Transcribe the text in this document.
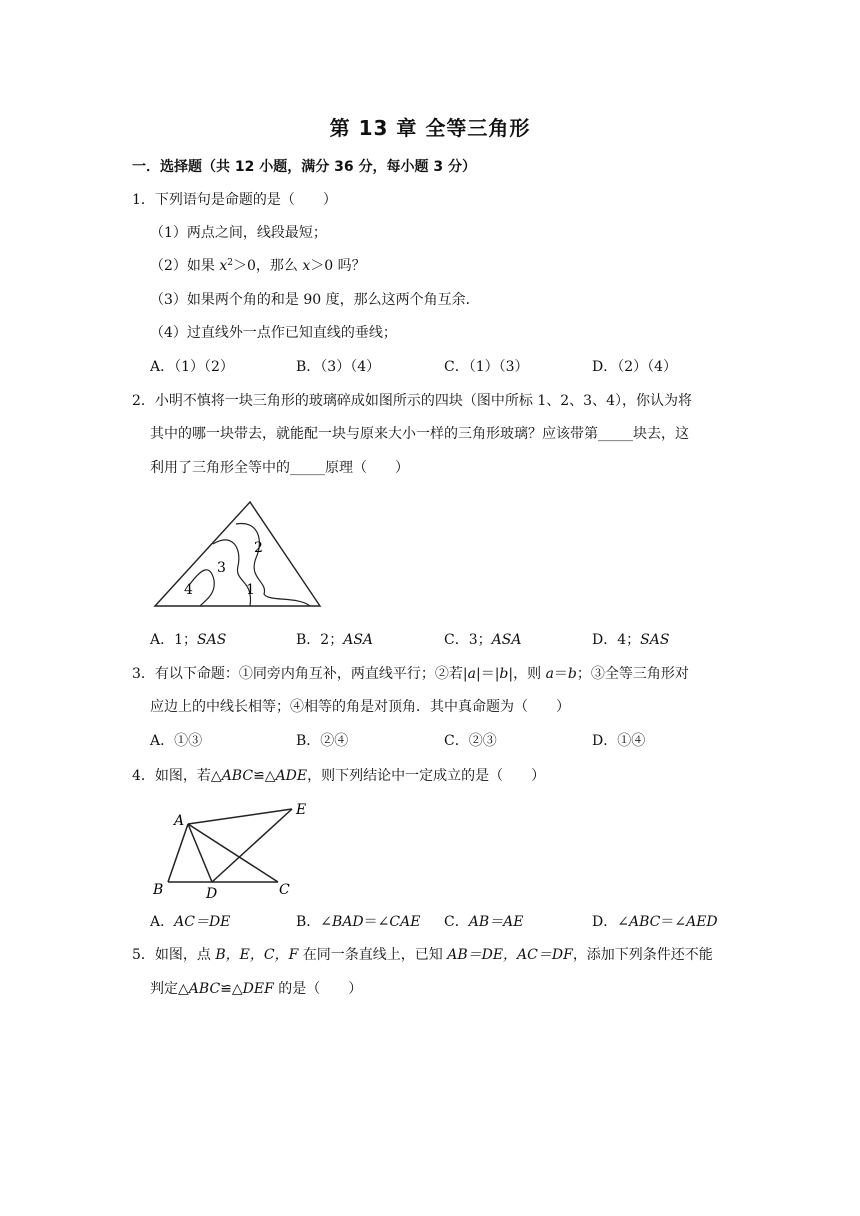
第 13 章 全等三角形
一．选择题（共 12 小题，满分 36 分，每小题 3 分）
1．下列语句是命题的是（　　）
（1）两点之间，线段最短；
（2）如果 $x^2>0$，那么 x＞0 吗？
（3）如果两个角的和是 90 度，那么这两个角互余．
（4）过直线外一点作已知直线的垂线；
A．（1）（2）	B．（3）（4）	C．（1）（3）	D．（2）（4）
2．小明不慎将一块三角形的玻璃碎成如图所示的四块（图中所标 1、2、3、4），你认为将
其中的哪一块带去，就能配一块与原来大小一样的三角形玻璃？应该带第_____块去，这
利用了三角形全等中的_____原理（　　）
1
2
3
4
A．1；SAS	B．2；ASA	C．3；ASA	D．4；SAS
3．有以下命题：①同旁内角互补，两直线平行；②若|a|＝|b|，则 a＝b；③全等三角形对
应边上的中线长相等；④相等的角是对顶角．其中真命题为（　　）
A．①③	B．②④	C．②③	D．①④
4．如图，若△ABC≌△ADE，则下列结论中一定成立的是（　　）
A
E
B	D	C
A．AC＝DE	B．∠BAD＝∠CAE C．AB＝AE	D．∠ABC＝∠AED
5．如图，点 B，E，C，F 在同一条直线上，已知 AB＝DE，AC＝DF，添加下列条件还不能
判定△ABC≌△DEF 的是（　　）
